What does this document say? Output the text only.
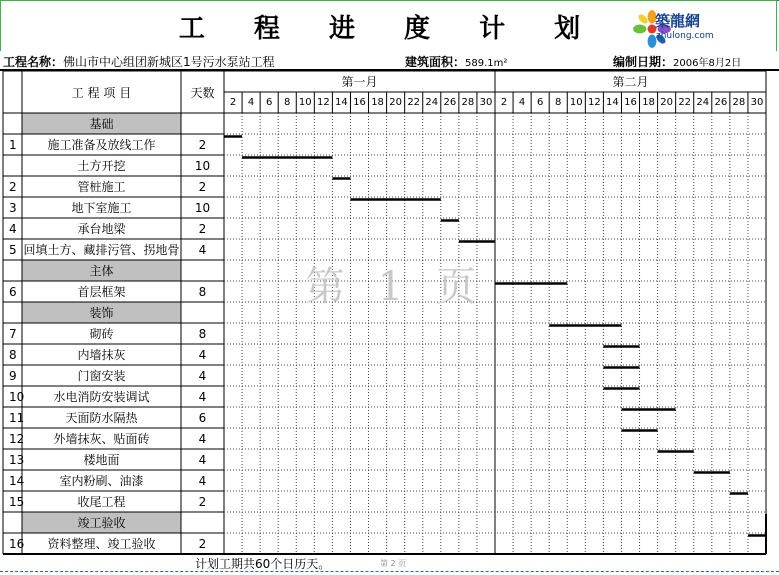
工 程 进 度 计 划	築龍網
zhulong.com
工程名称：佛山市中心组团新城区1号污水泵站工程	建筑面积：589.1m²	编制日期：2006年8月2日
工 程 项 目	天数
第一月	第二月
2	4	6	8 10 12 14 16 18 20 22 24 26 28 30 2	4	6	8 10 12 14 16 18 20 22 24 26 28 30
基础
1	施工准备及放线工作	2
土方开挖	10
2	管桩施工	2
3	地下室施工	10
4	承台地梁	2
5 回填土方、藏排污管、拐地骨	4
主体
6	首层框架	8
装饰
7	砌砖	8
8	内墙抹灰	4
9	门窗安装	4
10	水电消防安装调试	4
11	天面防水隔热	6
12	外墙抹灰、贴面砖	4
13	楼地面	4
14	室内粉刷、油漆	4
15	收尾工程	2
竣工验收
16	资料整理、竣工验收	2
第 1 页
计划工期共60个日历天。	第 2 页
